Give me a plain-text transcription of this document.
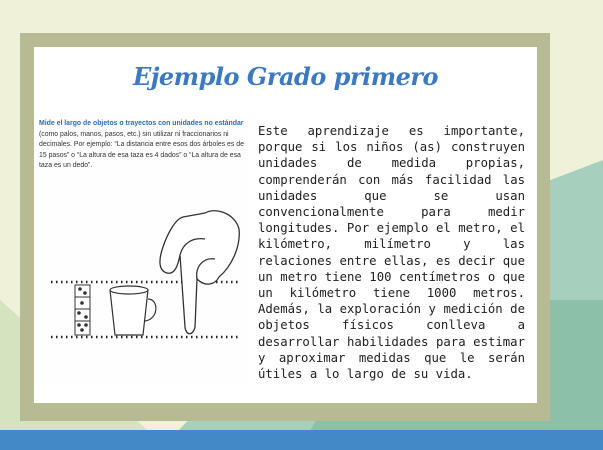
Ejemplo Grado primero
Mide el largo de objetos o trayectos con unidades no estándar (como palos, manos, pasos, etc.) sin utilizar ni fraccionarios ni decimales. Por ejemplo: “La distancia entre esos dos árboles es de 15 pasos” o “La altura de esa taza es 4 dados” o “La altura de esa taza es un dedo”.

Este aprendizaje es importante, porque si los niños (as) construyen unidades de medida propias, comprenderán con más facilidad las unidades que se usan convencionalmente para medir longitudes. Por ejemplo el metro, el kilómetro, milímetro y las relaciones entre ellas, es decir que un metro tiene 100 centímetros o que un kilómetro tiene 1000 metros. Además, la exploración y medición de objetos físicos conlleva a desarrollar habilidades para estimar y aproximar medidas que le serán útiles a lo largo de su vida.
